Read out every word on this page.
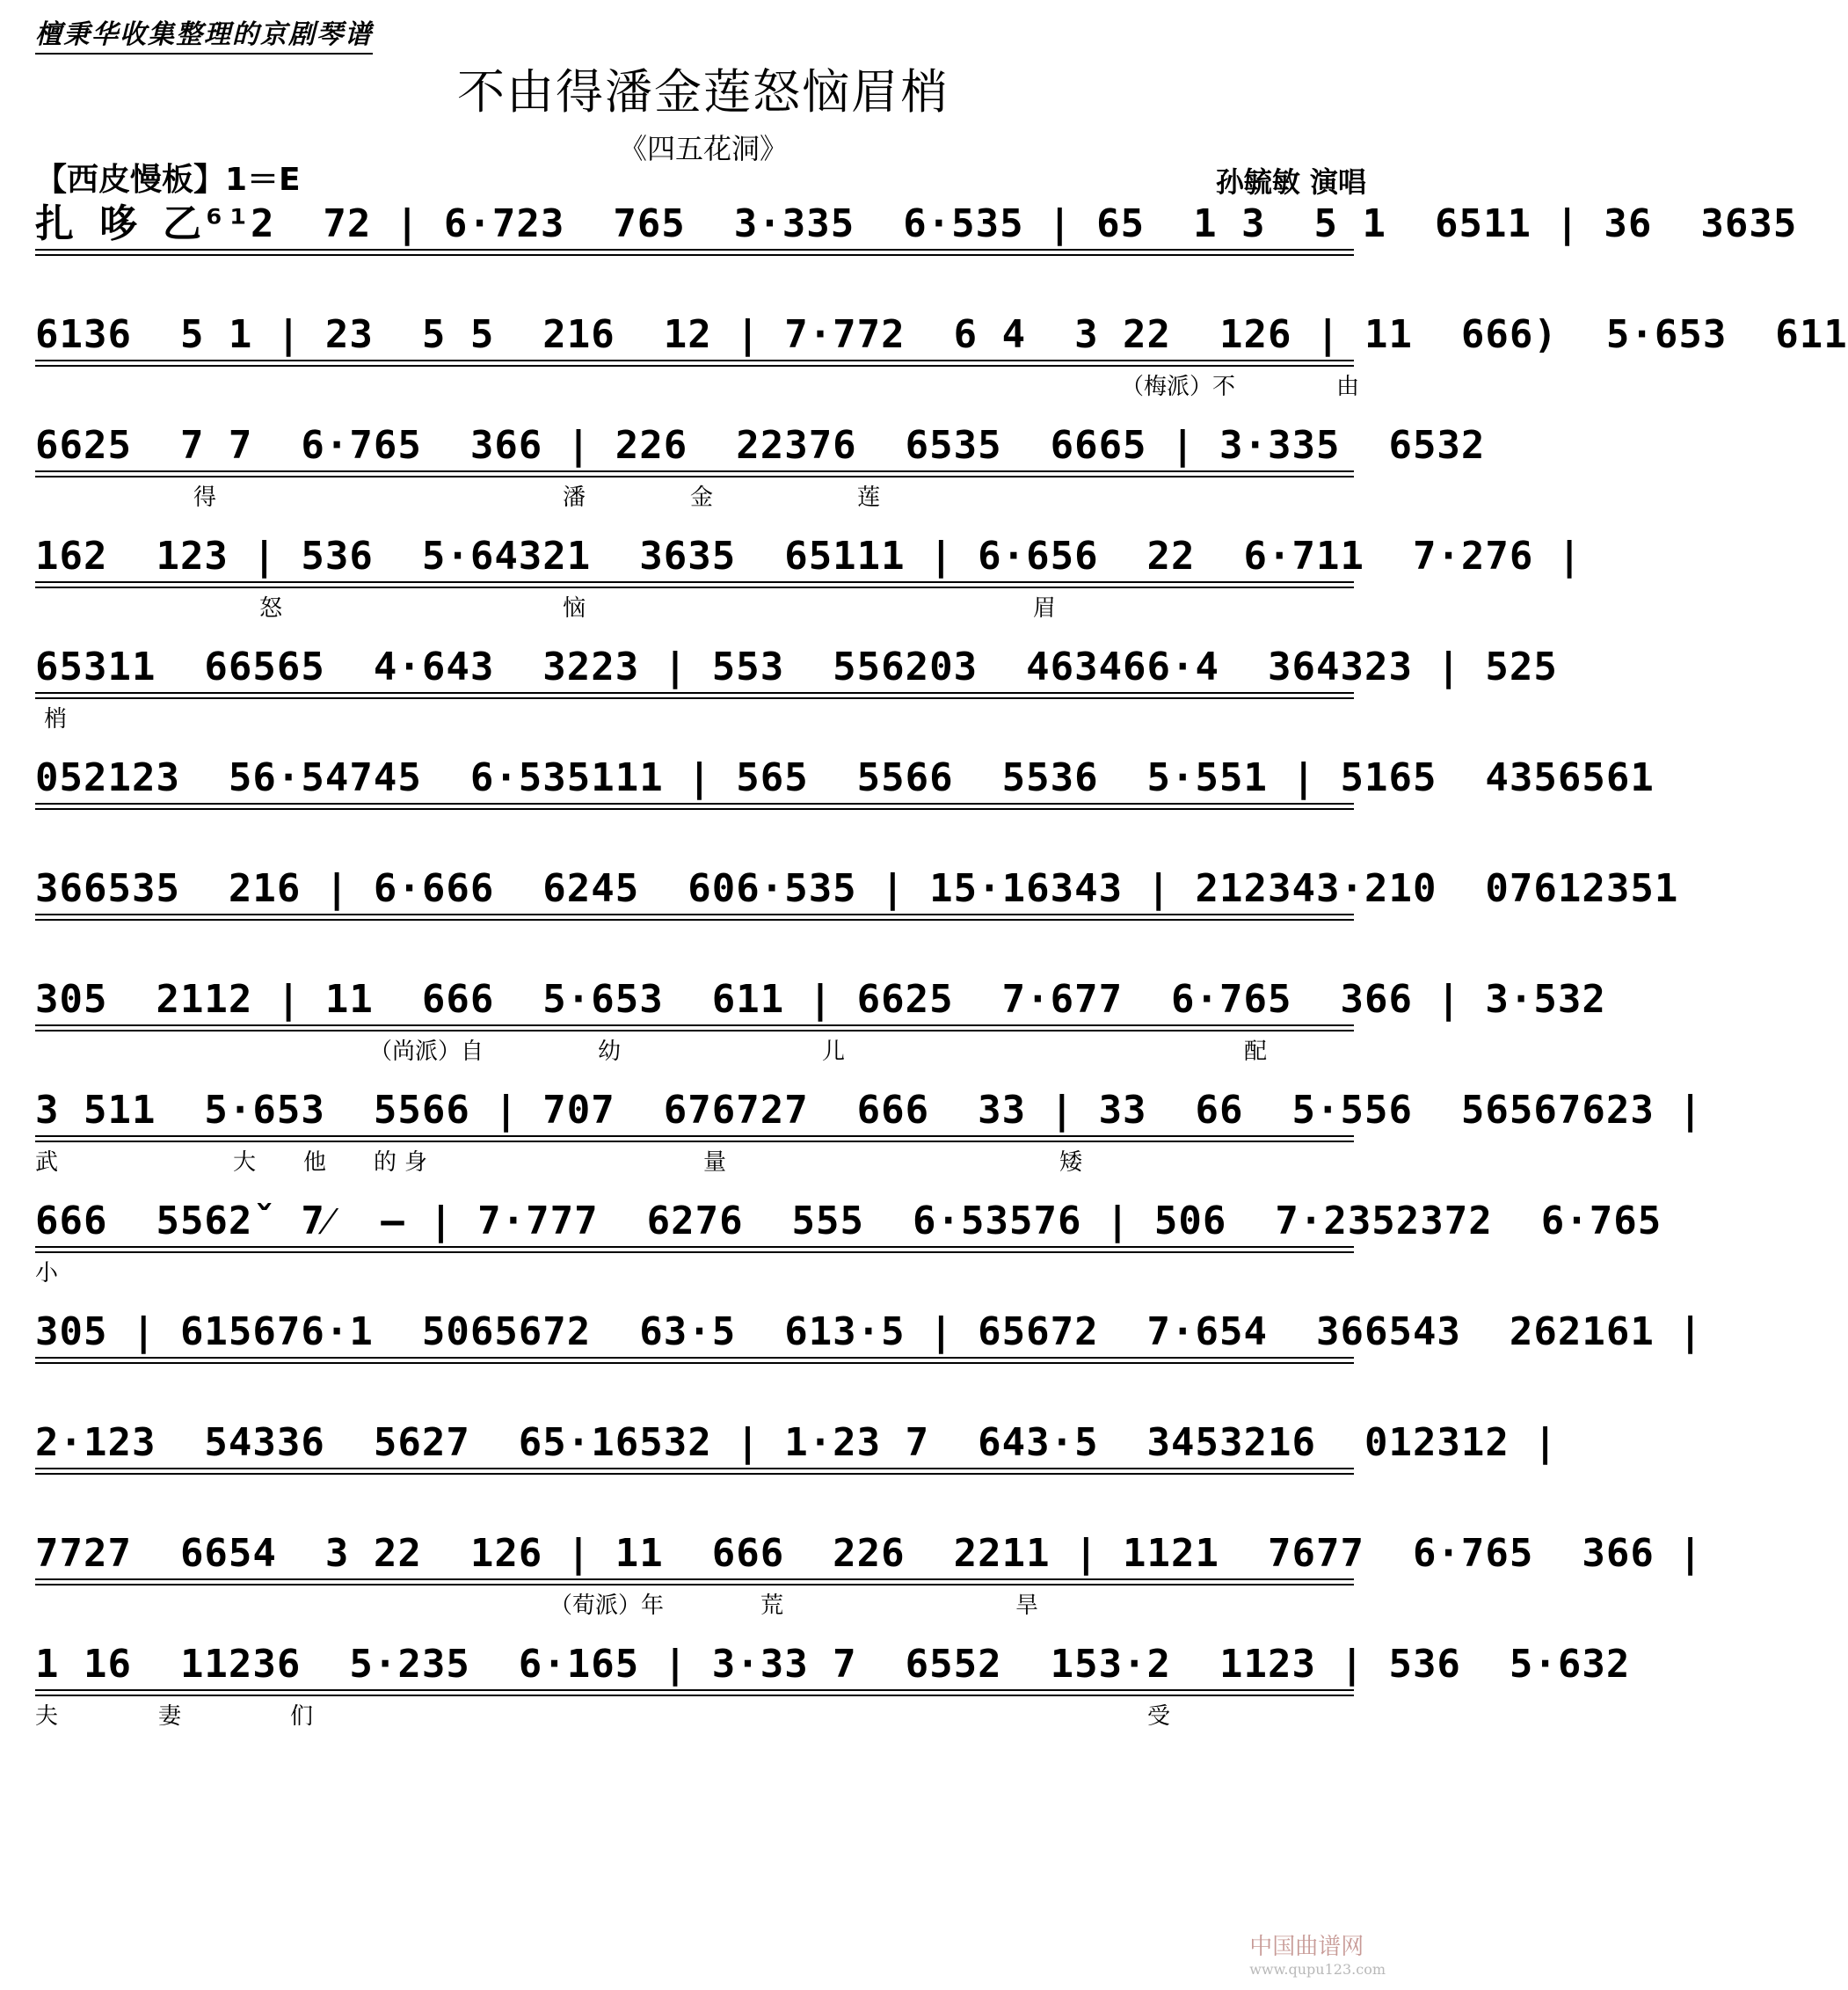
檀秉华收集整理的京剧琴谱
不由得潘金莲怒恼眉梢
《四五花洞》
【西皮慢板】1＝E	孙毓敏 演唱
扎 哆 乙⁶¹2  72 | 6·723  765  3·335  6·535 | 65  1 3  5 1  6511 | 36  3635
6136  5 1 | 23  5 5  216  12 | 7·772  6 4  3 22  126 | 11  666)  5·653  611
（梅派）不	由
6625  7 7  6·765  366 | 226  22376  6535  6665 | 3·335  6532
得	潘	金	莲
162  123 | 536  5·64321  3635  65111 | 6·656  22  6·711  7·276 |
怒	恼	眉
65311  66565  4·643  3223 | 553  556203  463466·4  364323 | 525
梢
052123  56·54745  6·535111 | 565  5566  5536  5·551 | 5165  4356561
366535  216 | 6·666  6245  606·535 | 15·16343 | 212343·210  07612351
305  2112 | 11  666  5·653  611 | 6625  7·677  6·765  366 | 3·532
（尚派）自	幼	儿	配
3 511  5·653  5566 | 707  676727  666  33 | 33  66  5·556  56567623 |
武	大 他 的 身	量	矮
666  5562ˇ 7⁄  — | 7·777  6276  555  6·53576 | 506  7·2352372  6·765
小
305 | 615676·1  5065672  63·5  613·5 | 65672  7·654  366543  262161 |
2·123  54336  5627  65·16532 | 1·23 7  643·5  3453216  012312 |
7727  6654  3 22  126 | 11  666  226  2211 | 1121  7677  6·765  366 |
（荀派）年	荒	旱
1 16  11236  5·235  6·165 | 3·33 7  6552  153·2  1123 | 536  5·632
夫	妻	们	受
中国曲谱网
www.qupu123.com
